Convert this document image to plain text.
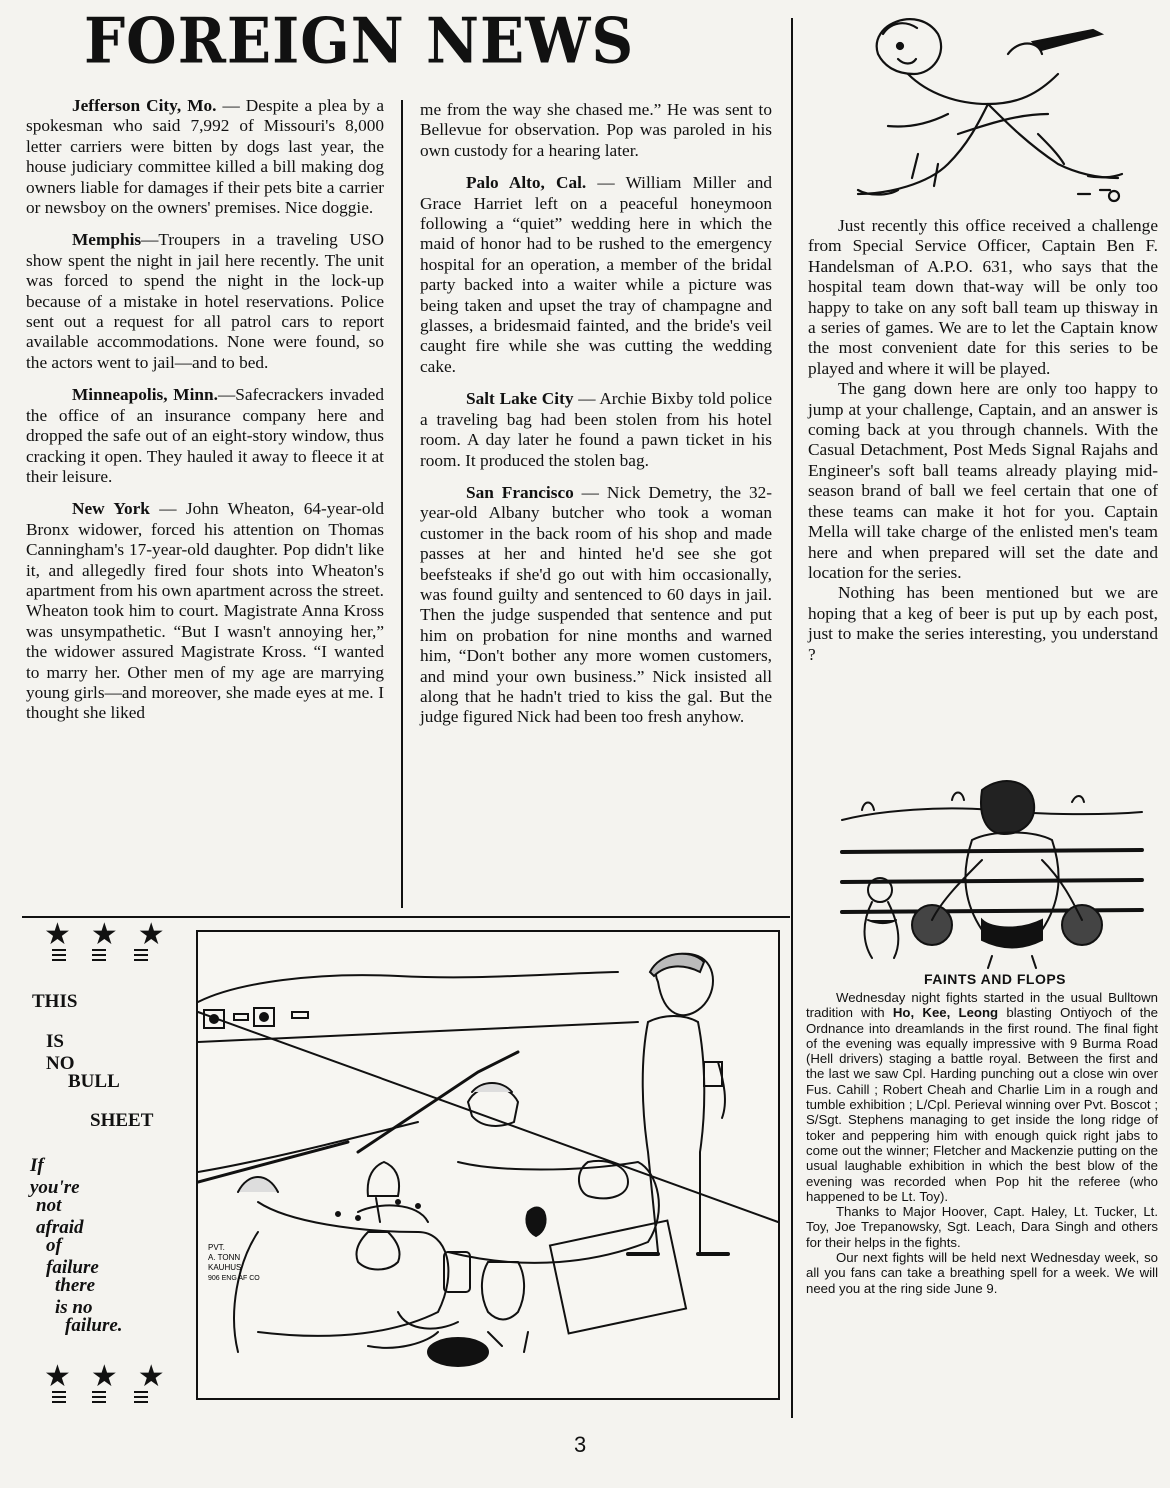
FOREIGN NEWS

Jefferson City, Mo. — Despite a plea by a spokesman who said 7,992 of Missouri's 8,000 letter carriers were bitten by dogs last year, the house judiciary committee killed a bill making dog owners liable for damages if their pets bite a carrier or newsboy on the owners' premises. Nice doggie.

Memphis—Troupers in a traveling USO show spent the night in jail here recently. The unit was forced to spend the night in the lock-up because of a mistake in hotel reservations. Police sent out a request for all patrol cars to report available accommodations. None were found, so the actors went to jail—and to bed.

Minneapolis, Minn.—Safecrackers invaded the office of an insurance company here and dropped the safe out of an eight-story window, thus cracking it open. They hauled it away to fleece it at their leisure.

New York — John Wheaton, 64-year-old Bronx widower, forced his attention on Thomas Canningham's 17-year-old daughter. Pop didn't like it, and allegedly fired four shots into Wheaton's apartment from his own apartment across the street. Wheaton took him to court. Magistrate Anna Kross was unsympathetic. “But I wasn't annoying her,” the widower assured Magistrate Kross. “I wanted to marry her. Other men of my age are marrying young girls—and moreover, she made eyes at me. I thought she liked

me from the way she chased me.” He was sent to Bellevue for observation. Pop was paroled in his own custody for a hearing later.

Palo Alto, Cal. — William Miller and Grace Harriet left on a peaceful honeymoon following a “quiet” wedding here in which the maid of honor had to be rushed to the emergency hospital for an operation, a member of the bridal party backed into a waiter while a picture was being taken and upset the tray of champagne and glasses, a bridesmaid fainted, and the bride's veil caught fire while she was cutting the wedding cake.

Salt Lake City — Archie Bixby told police a traveling bag had been stolen from his hotel room. A day later he found a pawn ticket in his room. It produced the stolen bag.

San Francisco — Nick Demetry, the 32-year-old Albany butcher who took a woman customer in the back room of his shop and made passes at her and hinted he'd see she got beefsteaks if she'd go out with him occasionally, was found guilty and sentenced to 60 days in jail. Then the judge suspended that sentence and put him on probation for nine months and warned him, “Don't bother any more women customers, and mind your own business.” Nick insisted all along that he hadn't tried to kiss the gal. But the judge figured Nick had been too fresh anyhow.

Just recently this office received a challenge from Special Service Officer, Captain Ben F. Handelsman of A.P.O. 631, who says that the hospital team down that-way will be only too happy to take on any soft ball team up thisway in a series of games. We are to let the Captain know the most convenient date for this series to be played and where it will be played.

The gang down here are only too happy to jump at your challenge, Captain, and an answer is coming back at you through channels. With the Casual Detachment, Post Meds Signal Rajahs and Engineer's soft ball teams already playing mid-season brand of ball we feel certain that one of these teams can make it hot for you. Captain Mella will take charge of the enlisted men's team here and when prepared will set the date and location for the series.

Nothing has been mentioned but we are hoping that a keg of beer is put up by each post, just to make the series interesting, you understand ?

FAINTS AND FLOPS

Wednesday night fights started in the usual Bulltown tradition with Ho, Kee, Leong blasting Ontiyoch of the Ordnance into dreamlands in the first round. The final fight of the evening was equally impressive with 9 Burma Road (Hell drivers) staging a battle royal. Between the first and the last we saw Cpl. Harding punching out a close win over Fus. Cahill ; Robert Cheah and Charlie Lim in a rough and tumble exhibition ; L/Cpl. Perieval winning over Pvt. Boscot ; S/Sgt. Stephens managing to get inside the long ridge of toker and peppering him with enough quick right jabs to come out the winner; Fletcher and Mackenzie putting on the usual laughable exhibition in which the best blow of the evening was recorded when Pop hit the referee (who happened to be Lt. Toy).

Thanks to Major Hoover, Capt. Haley, Lt. Tucker, Lt. Toy, Joe Trepanowsky, Sgt. Leach, Dara Singh and others for their helps in the fights.

Our next fights will be held next Wednesday week, so all you fans can take a breathing spell for a week. We will need you at the ring side June 9.

★★★
THIS
IS NO
BULL
SHEET
If you're
not afraid
of failure
there is no
failure.
★★★
PVT.
A. TONN
KAUHUS
906 ENG AF CO
3
